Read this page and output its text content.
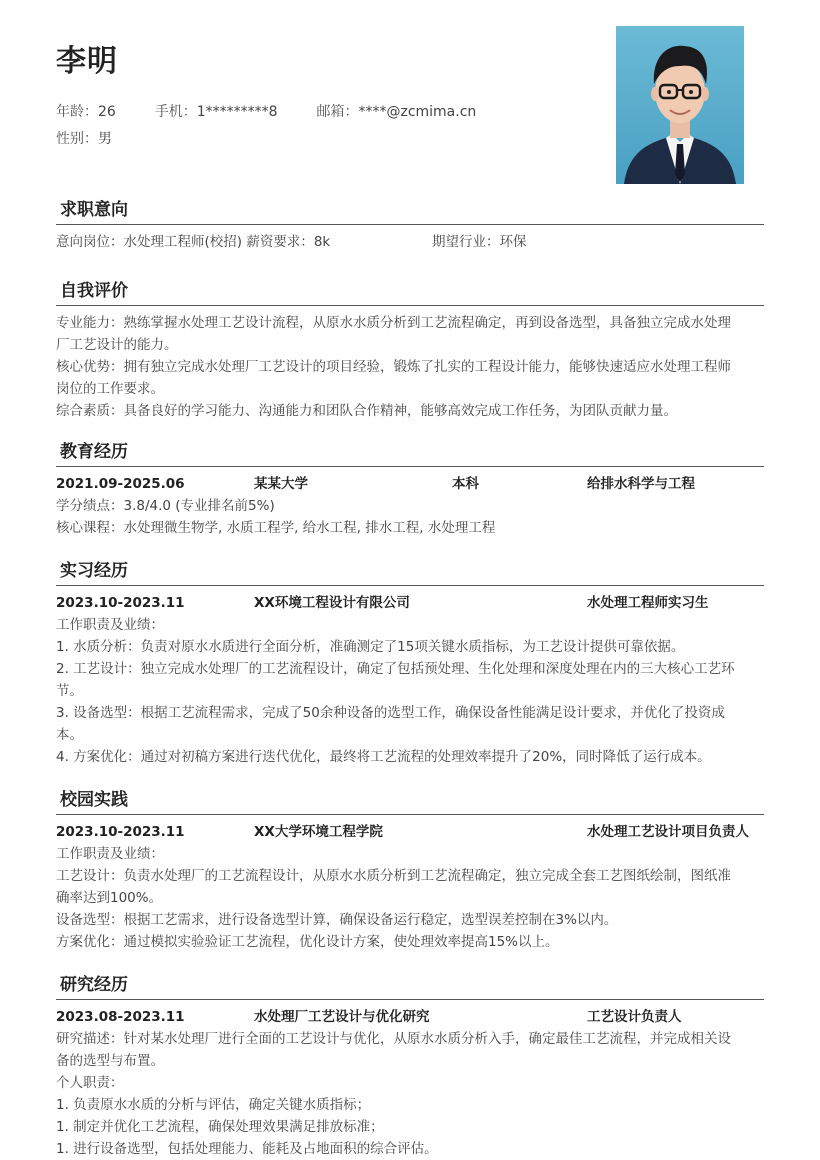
李明
年龄：26	手机：1*********8	邮箱：****@zcmima.cn
性别：男
求职意向
意向岗位：水处理工程师(校招) 薪资要求：8k	期望行业：环保
自我评价

专业能力：熟练掌握水处理工艺设计流程，从原水水质分析到工艺流程确定，再到设备选型，具备独立完成水处理

厂工艺设计的能力。

核心优势：拥有独立完成水处理厂工艺设计的项目经验，锻炼了扎实的工程设计能力，能够快速适应水处理工程师

岗位的工作要求。

综合素质：具备良好的学习能力、沟通能力和团队合作精神，能够高效完成工作任务，为团队贡献力量。

教育经历
2021.09-2025.06	某某大学	本科	给排水科学与工程

学分绩点：3.8/4.0 (专业排名前5%)

核心课程：水处理微生物学, 水质工程学, 给水工程, 排水工程, 水处理工程

实习经历
2023.10-2023.11	XX环境工程设计有限公司	水处理工程师实习生

工作职责及业绩：

1. 水质分析：负责对原水水质进行全面分析，准确测定了15项关键水质指标，为工艺设计提供可靠依据。

2. 工艺设计：独立完成水处理厂的工艺流程设计，确定了包括预处理、生化处理和深度处理在内的三大核心工艺环

节。

3. 设备选型：根据工艺流程需求，完成了50余种设备的选型工作，确保设备性能满足设计要求，并优化了投资成

本。

4. 方案优化：通过对初稿方案进行迭代优化，最终将工艺流程的处理效率提升了20%，同时降低了运行成本。

校园实践
2023.10-2023.11	XX大学环境工程学院	水处理工艺设计项目负责人

工作职责及业绩：

工艺设计：负责水处理厂的工艺流程设计，从原水水质分析到工艺流程确定，独立完成全套工艺图纸绘制，图纸准

确率达到100%。

设备选型：根据工艺需求，进行设备选型计算，确保设备运行稳定，选型误差控制在3%以内。

方案优化：通过模拟实验验证工艺流程，优化设计方案，使处理效率提高15%以上。

研究经历
2023.08-2023.11	水处理厂工艺设计与优化研究	工艺设计负责人

研究描述：针对某水处理厂进行全面的工艺设计与优化，从原水水质分析入手，确定最佳工艺流程，并完成相关设

备的选型与布置。

个人职责：

1. 负责原水水质的分析与评估，确定关键水质指标；

1. 制定并优化工艺流程，确保处理效果满足排放标准；

1. 进行设备选型，包括处理能力、能耗及占地面积的综合评估。
